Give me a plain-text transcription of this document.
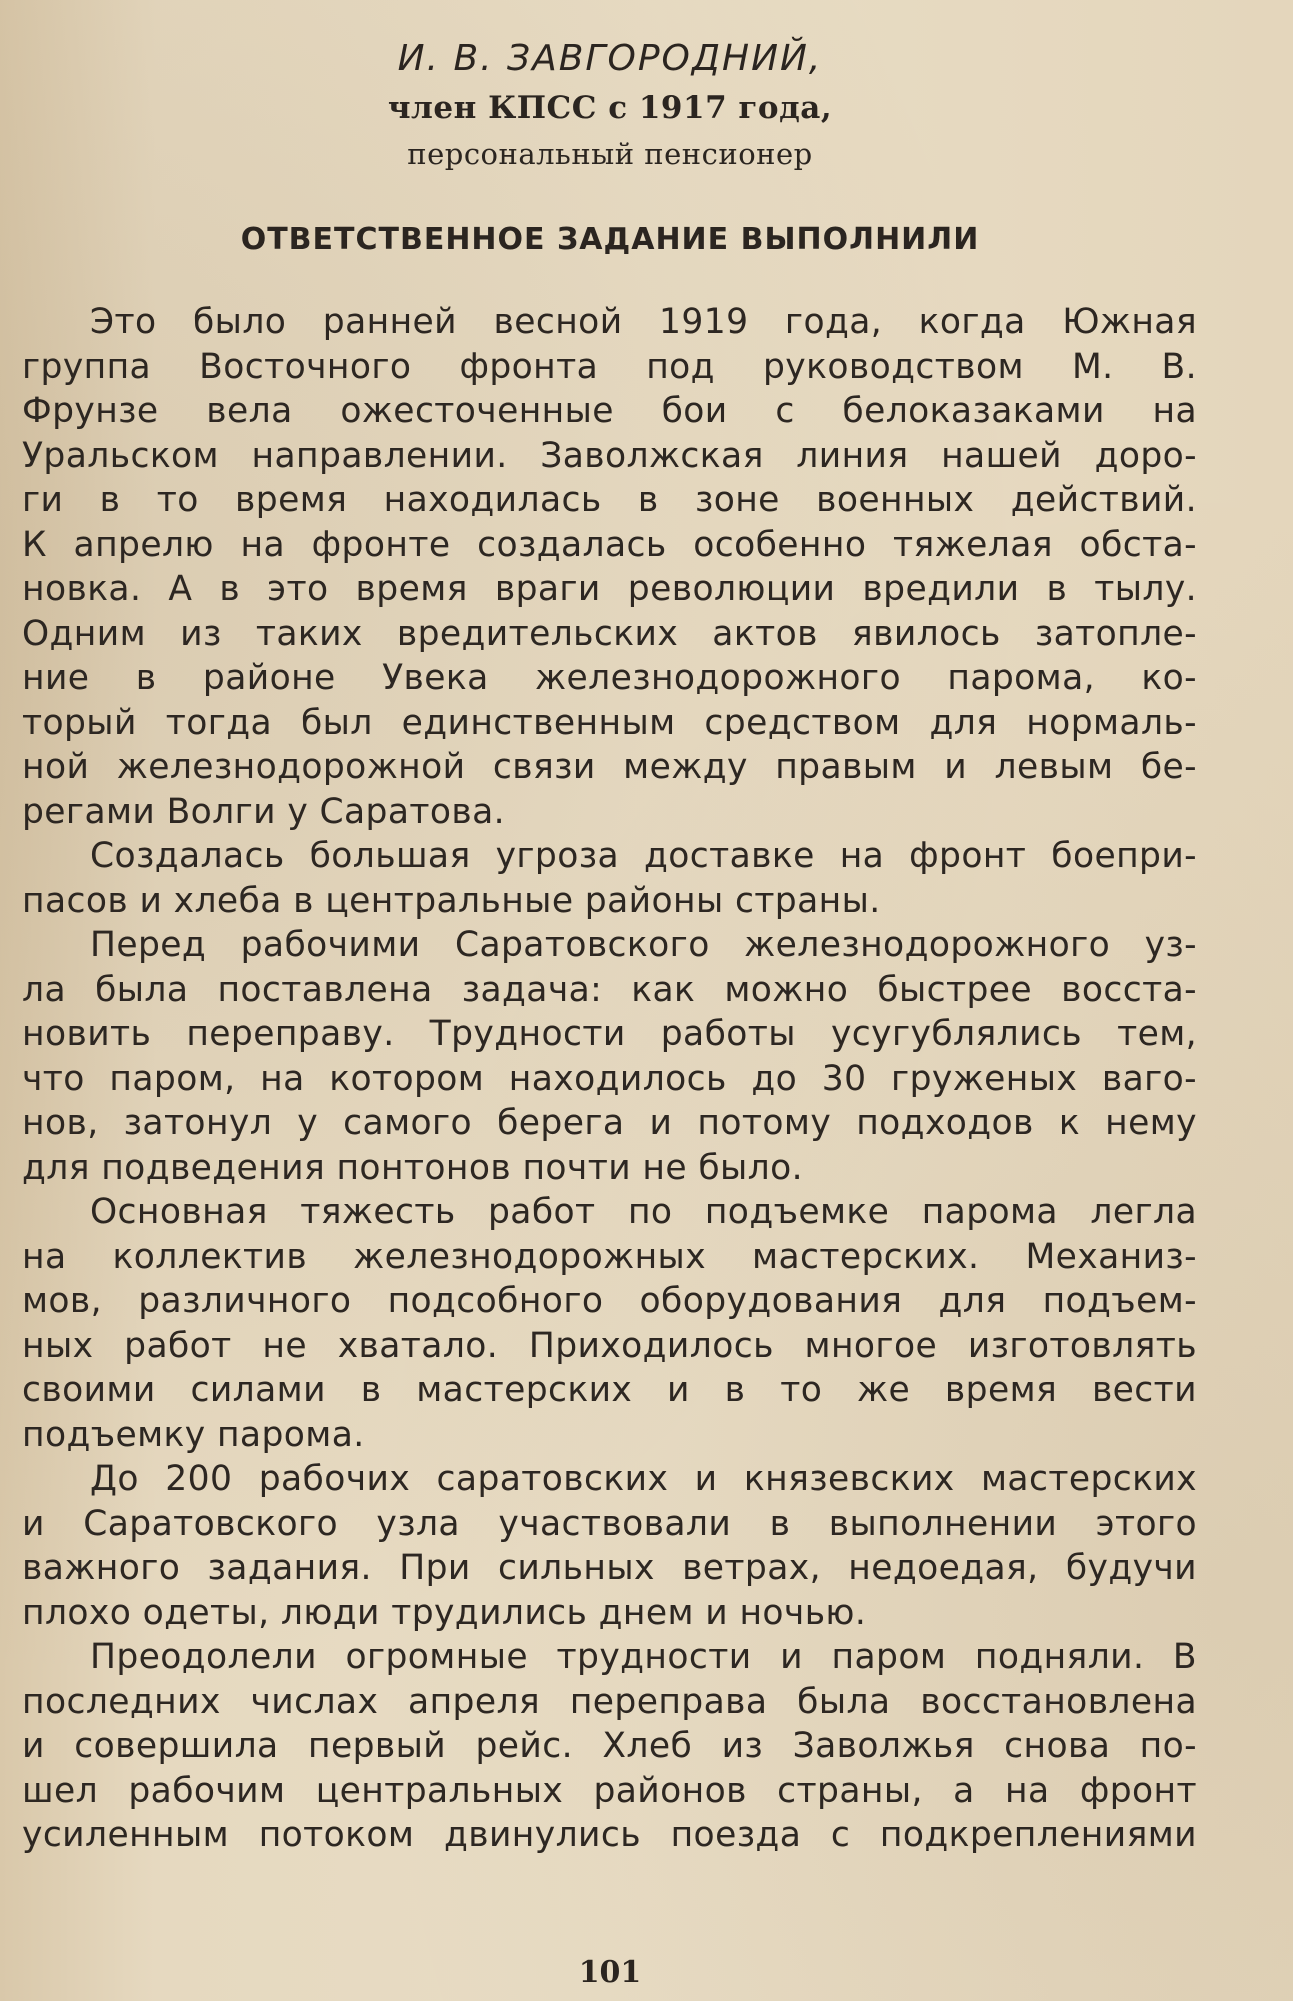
И. В. ЗАВГОРОДНИЙ,
член КПСС с 1917 года,
персональный пенсионер
ОТВЕТСТВЕННОЕ ЗАДАНИЕ ВЫПОЛНИЛИ
Это было ранней весной 1919 года, когда Южная
группа Восточного фронта под руководством М. В.
Фрунзе вела ожесточенные бои с белоказаками на
Уральском направлении. Заволжская линия нашей доро-
ги в то время находилась в зоне военных действий.
К апрелю на фронте создалась особенно тяжелая обста-
новка. А в это время враги революции вредили в тылу.
Одним из таких вредительских актов явилось затопле-
ние в районе Увека железнодорожного парома, ко-
торый тогда был единственным средством для нормаль-
ной железнодорожной связи между правым и левым бе-
регами Волги у Саратова.
Создалась большая угроза доставке на фронт боепри-
пасов и хлеба в центральные районы страны.
Перед рабочими Саратовского железнодорожного уз-
ла была поставлена задача: как можно быстрее восста-
новить переправу. Трудности работы усугублялись тем,
что паром, на котором находилось до 30 груженых ваго-
нов, затонул у самого берега и потому подходов к нему
для подведения понтонов почти не было.
Основная тяжесть работ по подъемке парома легла
на коллектив железнодорожных мастерских. Механиз-
мов, различного подсобного оборудования для подъем-
ных работ не хватало. Приходилось многое изготовлять
своими силами в мастерских и в то же время вести
подъемку парома.
До 200 рабочих саратовских и князевских мастерских
и Саратовского узла участвовали в выполнении этого
важного задания. При сильных ветрах, недоедая, будучи
плохо одеты, люди трудились днем и ночью.
Преодолели огромные трудности и паром подняли. В
последних числах апреля переправа была восстановлена
и совершила первый рейс. Хлеб из Заволжья снова по-
шел рабочим центральных районов страны, а на фронт
усиленным потоком двинулись поезда с подкреплениями
101
